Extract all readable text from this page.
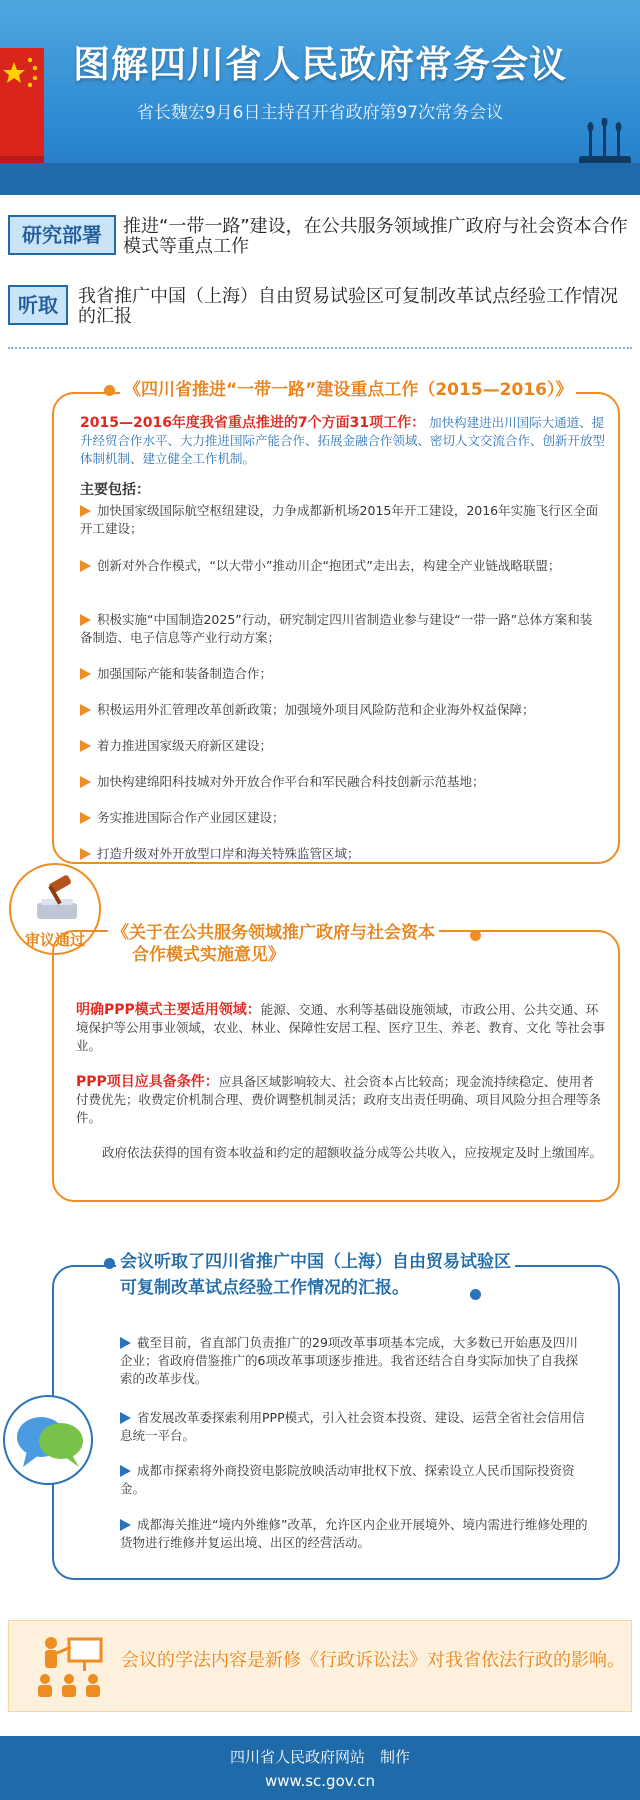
图解四川省人民政府常务会议
省长魏宏9月6日主持召开省政府第97次常务会议
研究部署	推进“一带一路”建设，在公共服务领域推广政府与社会资本合作模式等重点工作
听取	我省推广中国（上海）自由贸易试验区可复制改革试点经验工作情况的汇报
《四川省推进“一带一路”建设重点工作（2015—2016）》
2015—2016年度我省重点推进的7个方面31项工作： 加快构建进出川国际大通道、提升经贸合作水平、大力推进国际产能合作、拓展金融合作领域、密切人文交流合作、创新开放型体制机制、建立健全工作机制。
主要包括：
加快国家级国际航空枢纽建设，力争成都新机场2015年开工建设，2016年实施飞行区全面开工建设；
创新对外合作模式，“以大带小”推动川企“抱团式”走出去，构建全产业链战略联盟；
积极实施“中国制造2025”行动，研究制定四川省制造业参与建设“一带一路”总体方案和装备制造、电子信息等产业行动方案；
加强国际产能和装备制造合作；
积极运用外汇管理改革创新政策；加强境外项目风险防范和企业海外权益保障；
着力推进国家级天府新区建设；
加快构建绵阳科技城对外开放合作平台和军民融合科技创新示范基地；
务实推进国际合作产业园区建设；
打造升级对外开放型口岸和海关特殊监管区域；
审议通过	《关于在公共服务领域推广政府与社会资本
合作模式实施意见》
明确PPP模式主要适用领域：能源、交通、水利等基础设施领域，市政公用、公共交通、环境保护等公用事业领域，农业、林业、保障性安居工程、医疗卫生、养老、教育、文化 等社会事业。
PPP项目应具备条件：应具备区域影响较大、社会资本占比较高；现金流持续稳定、使用者付费优先；收费定价机制合理、费价调整机制灵活；政府支出责任明确、项目风险分担合理等条件。
政府依法获得的国有资本收益和约定的超额收益分成等公共收入，应按规定及时上缴国库。
会议听取了四川省推广中国（上海）自由贸易试验区
可复制改革试点经验工作情况的汇报。
截至目前，省直部门负责推广的29项改革事项基本完成，大多数已开始惠及四川企业；省政府借鉴推广的6项改革事项逐步推进。我省还结合自身实际加快了自我探索的改革步伐。
省发展改革委探索利用PPP模式，引入社会资本投资、建设、运营全省社会信用信息统一平台。
成都市探索将外商投资电影院放映活动审批权下放、探索设立人民币国际投资资金。
成都海关推进“境内外维修”改革，允许区内企业开展境外、境内需进行维修处理的货物进行维修并复运出境、出区的经营活动。
会议的学法内容是新修《行政诉讼法》对我省依法行政的影响。
四川省人民政府网站　制作
www.sc.gov.cn
